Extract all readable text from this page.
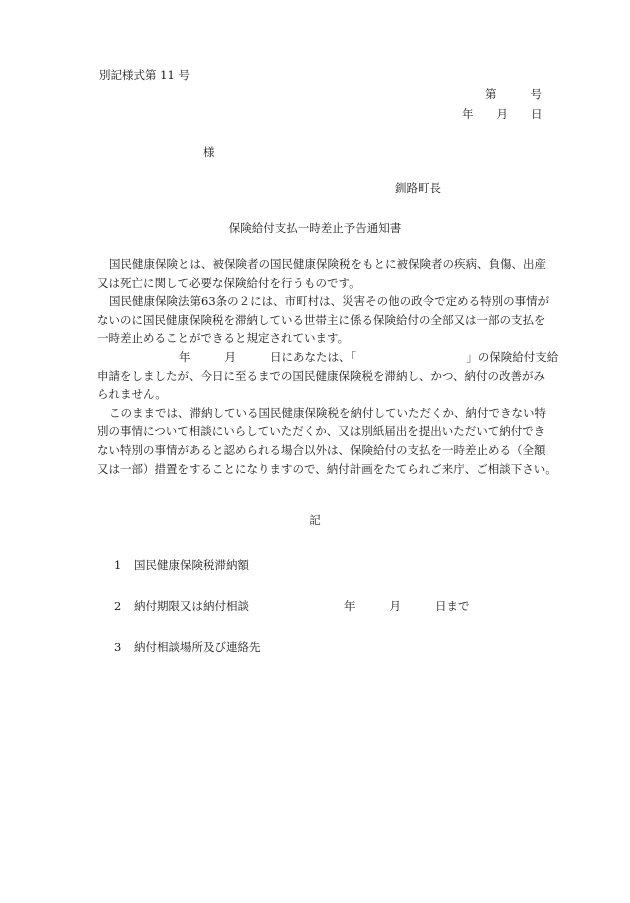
別記様式第 11 号
第	号
年 月 日
様
釧路町長
保険給付支払一時差止予告通知書
国民健康保険とは、被保険者の国民健康保険税をもとに被保険者の疾病、負傷、出産
又は死亡に関して必要な保険給付を行うものです。
国民健康保険法第63条の２には、市町村は、災害その他の政令で定める特別の事情が
ないのに国民健康保険税を滞納している世帯主に係る保険給付の全部又は一部の支払を
一時差止めることができると規定されています。
年	月	日にあなたは、「	」の保険給付支給
申請をしましたが、今日に至るまでの国民健康保険税を滞納し、かつ、納付の改善がみ
られません。
このままでは、滞納している国民健康保険税を納付していただくか、納付できない特
別の事情について相談にいらしていただくか、又は別紙届出を提出いただいて納付でき
ない特別の事情があると認められる場合以外は、保険給付の支払を一時差止める（全額
又は一部）措置をすることになりますので、納付計画をたてられご来庁、ご相談下さい。
記
1 国民健康保険税滞納額
2 納付期限又は納付相談	年	月	日まで
3 納付相談場所及び連絡先
